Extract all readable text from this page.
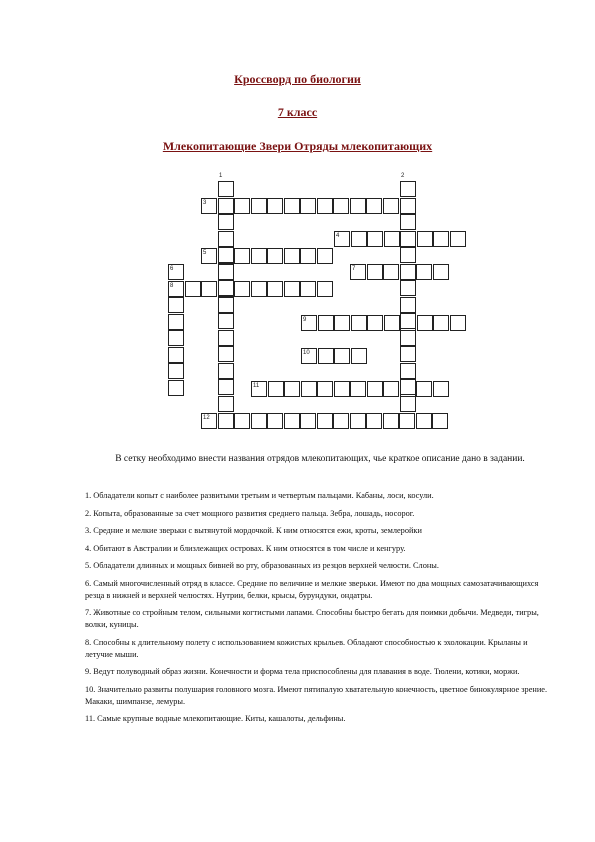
Кроссворд по биологии
7 класс
Млекопитающие Звери Отряды млекопитающих
3
4
5
7
8
9
10
11
12
6
1	2
В сетку необходимо внести названия отрядов млекопитающих, чье краткое описание дано в задании.
1. Обладатели копыт с наиболее развитыми третьим и четвертым пальцами. Кабаны, лоси, косули.
2. Копыта, образованные за счет мощного развития среднего пальца. Зебра, лошадь, носорог.
3. Средние и мелкие зверьки с вытянутой мордочкой. К ним относятся ежи, кроты, землеройки
4. Обитают в Австралии и близлежащих островах. К ним относятся в том числе и кенгуру.
5. Обладатели длинных и мощных бивней во рту, образованных из резцов верхней челюсти. Слоны.
6. Самый многочисленный отряд в классе. Средние по величине и мелкие зверьки. Имеют по два мощных самозатачивающихся резца в нижней и верхней челюстях. Нутрии, белки, крысы, бурундуки, ондатры.
7. Животные со стройным телом, сильными когтистыми лапами. Способны быстро бегать для поимки добычи. Медведи, тигры, волки, куницы.
8. Способны к длительному полету с использованием кожистых крыльев. Обладают способностью к эхолокации. Крыланы и летучие мыши.
9. Ведут полуводный образ жизни. Конечности и форма тела приспособлены для плавания в воде. Тюлени, котики, моржи.
10. Значительно развиты полушария головного мозга. Имеют пятипалую хватательную конечность, цветное бинокулярное зрение. Макаки, шимпанзе, лемуры.
11. Самые крупные водные млекопитающие. Киты, кашалоты, дельфины.
